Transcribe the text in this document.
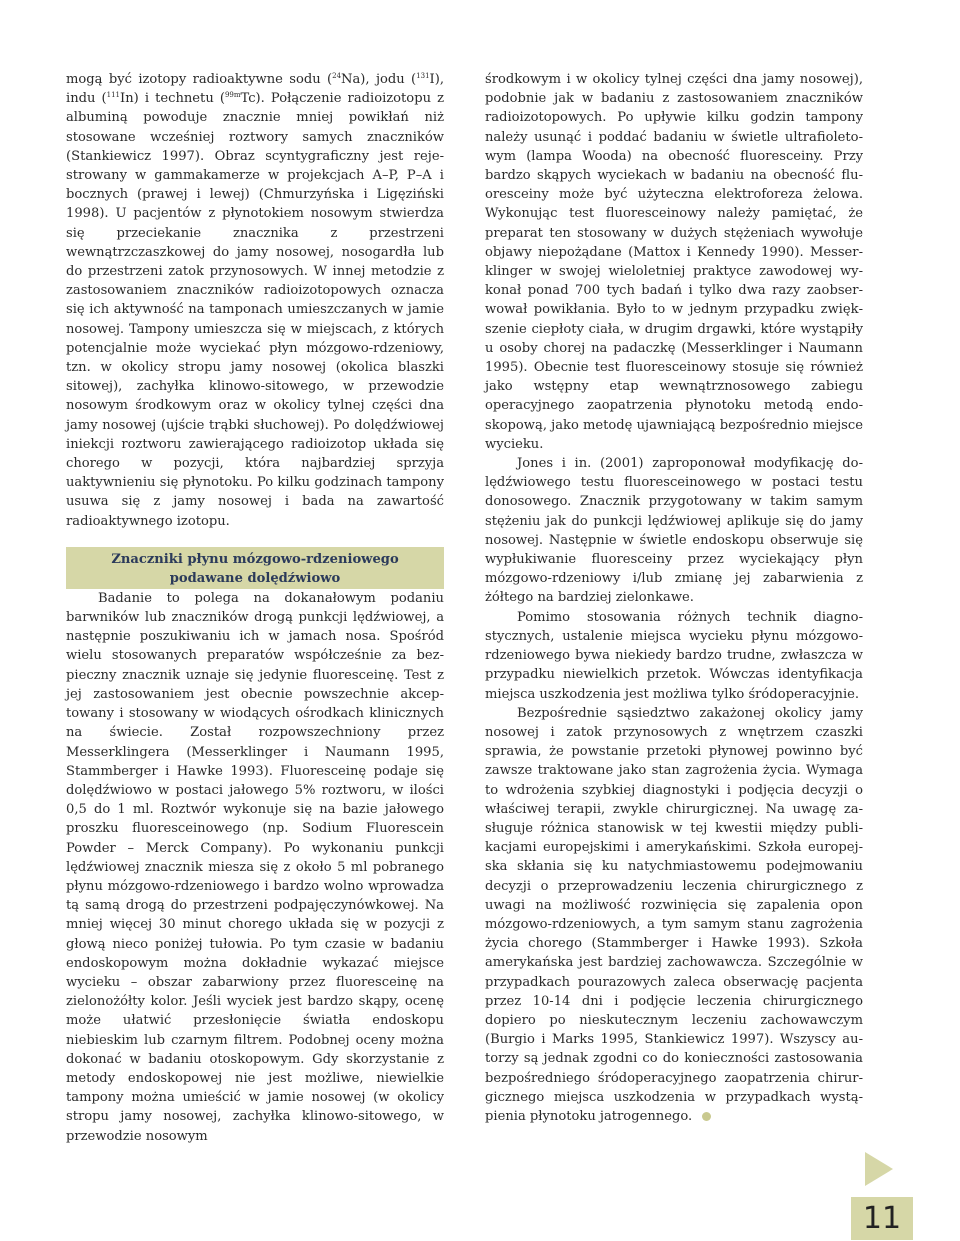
mogą być izotopy radioaktywne sodu ($^{24}$Na), jodu ($^{131}$I), indu ($^{111}$In) i technetu ($^{99m}$Tc). Połączenie radioizotopu z albuminą powoduje znacznie mniej powikłań niż stosowane wcześniej roztwory samych znaczników (Stankiewicz 1997). Obraz scyntygraficzny jest rejestrowany w gammakamerze w projekcjach A–P, P–A i bocznych (prawej i lewej) (Chmurzyńska i Ligęziński 1998). U pacjentów z płynotokiem nosowym stwierdza się przeciekanie znacznika z przestrzeni wewnątrzczaszkowej do jamy nosowej, nosogardła lub do przestrzeni zatok przynosowych. W innej metodzie z zastosowaniem znaczników radioizotopowych oznacza się ich aktywność na tamponach umieszczanych w jamie nosowej. Tampony umieszcza się w miejscach, z których potencjalnie może wyciekać płyn mózgowo-rdzeniowy, tzn. w okolicy stropu jamy nosowej (okolica blaszki sitowej), zachyłka klinowo-sitowego, w przewodzie nosowym środkowym oraz w okolicy tylnej części dna jamy nosowej (ujście trąbki słuchowej). Po dolędźwiowej iniekcji roztworu zawierającego radioizotop układa się chorego w pozycji, która najbardziej sprzyja uaktywnieniu się płynotoku. Po kilku godzinach tampony usuwa się z jamy nosowej i bada na zawartość radioaktywnego izotopu.

Znaczniki płynu mózgowo-rdzeniowego
podawane dolędźwiowo

Badanie to polega na dokanałowym podaniu barwników lub znaczników drogą punkcji lędźwiowej, a następnie poszukiwaniu ich w jamach nosa. Spośród wielu stosowanych preparatów współcześnie za bezpieczny znacznik uznaje się jedynie fluoresceinę. Test z jej zastosowaniem jest obecnie powszechnie akceptowany i stosowany w wiodących ośrodkach klinicznych na świecie. Został rozpowszechniony przez Messerklingera (Messerklinger i Naumann 1995, Stammberger i Hawke 1993). Fluoresceinę podaje się dolędźwiowo w postaci jałowego 5% roztworu, w ilości 0,5 do 1 ml. Roztwór wykonuje się na bazie jałowego proszku fluoresceinowego (np. Sodium Fluorescein Powder – Merck Company). Po wykonaniu punkcji lędźwiowej znacznik miesza się z około 5 ml pobranego płynu mózgowo-rdzeniowego i bardzo wolno wprowadza tą samą drogą do przestrzeni podpajęczynówkowej. Na mniej więcej 30 minut chorego układa się w pozycji z głową nieco poniżej tułowia. Po tym czasie w badaniu endoskopowym można dokładnie wykazać miejsce wycieku – obszar zabarwiony przez fluoresceinę na zielonożółty kolor. Jeśli wyciek jest bardzo skąpy, ocenę może ułatwić przesłonięcie światła endoskopu niebieskim lub czarnym filtrem. Podobnej oceny można dokonać w badaniu otoskopowym. Gdy skorzystanie z metody endoskopowej nie jest możliwe, niewielkie tampony można umieścić w jamie nosowej (w okolicy stropu jamy nosowej, zachyłka klinowo-sitowego, w przewodzie nosowym

środkowym i w okolicy tylnej części dna jamy nosowej), podobnie jak w badaniu z zastosowaniem znaczników radioizotopowych. Po upływie kilku godzin tampony należy usunąć i poddać badaniu w świetle ultrafioletowym (lampa Wooda) na obecność fluoresceiny. Przy bardzo skąpych wyciekach w badaniu na obecność fluoresceiny może być użyteczna elektroforeza żelowa. Wykonując test fluoresceinowy należy pamiętać, że preparat ten stosowany w dużych stężeniach wywołuje objawy niepożądane (Mattox i Kennedy 1990). Messerklinger w swojej wieloletniej praktyce zawodowej wykonał ponad 700 tych badań i tylko dwa razy zaobserwował powikłania. Było to w jednym przypadku zwiększenie ciepłoty ciała, w drugim drgawki, które wystąpiły u osoby chorej na padaczkę (Messerklinger i Naumann 1995). Obecnie test fluoresceinowy stosuje się również jako wstępny etap wewnątrznosowego zabiegu operacyjnego zaopatrzenia płynotoku metodą endoskopową, jako metodę ujawniającą bezpośrednio miejsce wycieku.

Jones i in. (2001) zaproponował modyfikację dolędźwiowego testu fluoresceinowego w postaci testu donosowego. Znacznik przygotowany w takim samym stężeniu jak do punkcji lędźwiowej aplikuje się do jamy nosowej. Następnie w świetle endoskopu obserwuje się wypłukiwanie fluoresceiny przez wyciekający płyn mózgowo-rdzeniowy i/lub zmianę jej zabarwienia z żółtego na bardziej zielonkawe.

Pomimo stosowania różnych technik diagnostycznych, ustalenie miejsca wycieku płynu mózgowo-rdzeniowego bywa niekiedy bardzo trudne, zwłaszcza w przypadku niewielkich przetok. Wówczas identyfikacja miejsca uszkodzenia jest możliwa tylko śródoperacyjnie.

Bezpośrednie sąsiedztwo zakażonej okolicy jamy nosowej i zatok przynosowych z wnętrzem czaszki sprawia, że powstanie przetoki płynowej powinno być zawsze traktowane jako stan zagrożenia życia. Wymaga to wdrożenia szybkiej diagnostyki i podjęcia decyzji o właściwej terapii, zwykle chirurgicznej. Na uwagę zasługuje różnica stanowisk w tej kwestii między publikacjami europejskimi i amerykańskimi. Szkoła europejska skłania się ku natychmiastowemu podejmowaniu decyzji o przeprowadzeniu leczenia chirurgicznego z uwagi na możliwość rozwinięcia się zapalenia opon mózgowo-rdzeniowych, a tym samym stanu zagrożenia życia chorego (Stammberger i Hawke 1993). Szkoła amerykańska jest bardziej zachowawcza. Szczególnie w przypadkach pourazowych zaleca obserwację pacjenta przez 10-14 dni i podjęcie leczenia chirurgicznego dopiero po nieskutecznym leczeniu zachowawczym (Burgio i Marks 1995, Stankiewicz 1997). Wszyscy autorzy są jednak zgodni co do konieczności zastosowania bezpośredniego śródoperacyjnego zaopatrzenia chirurgicznego miejsca uszkodzenia w przypadkach wystąpienia płynotoku jatrogennego.

11
